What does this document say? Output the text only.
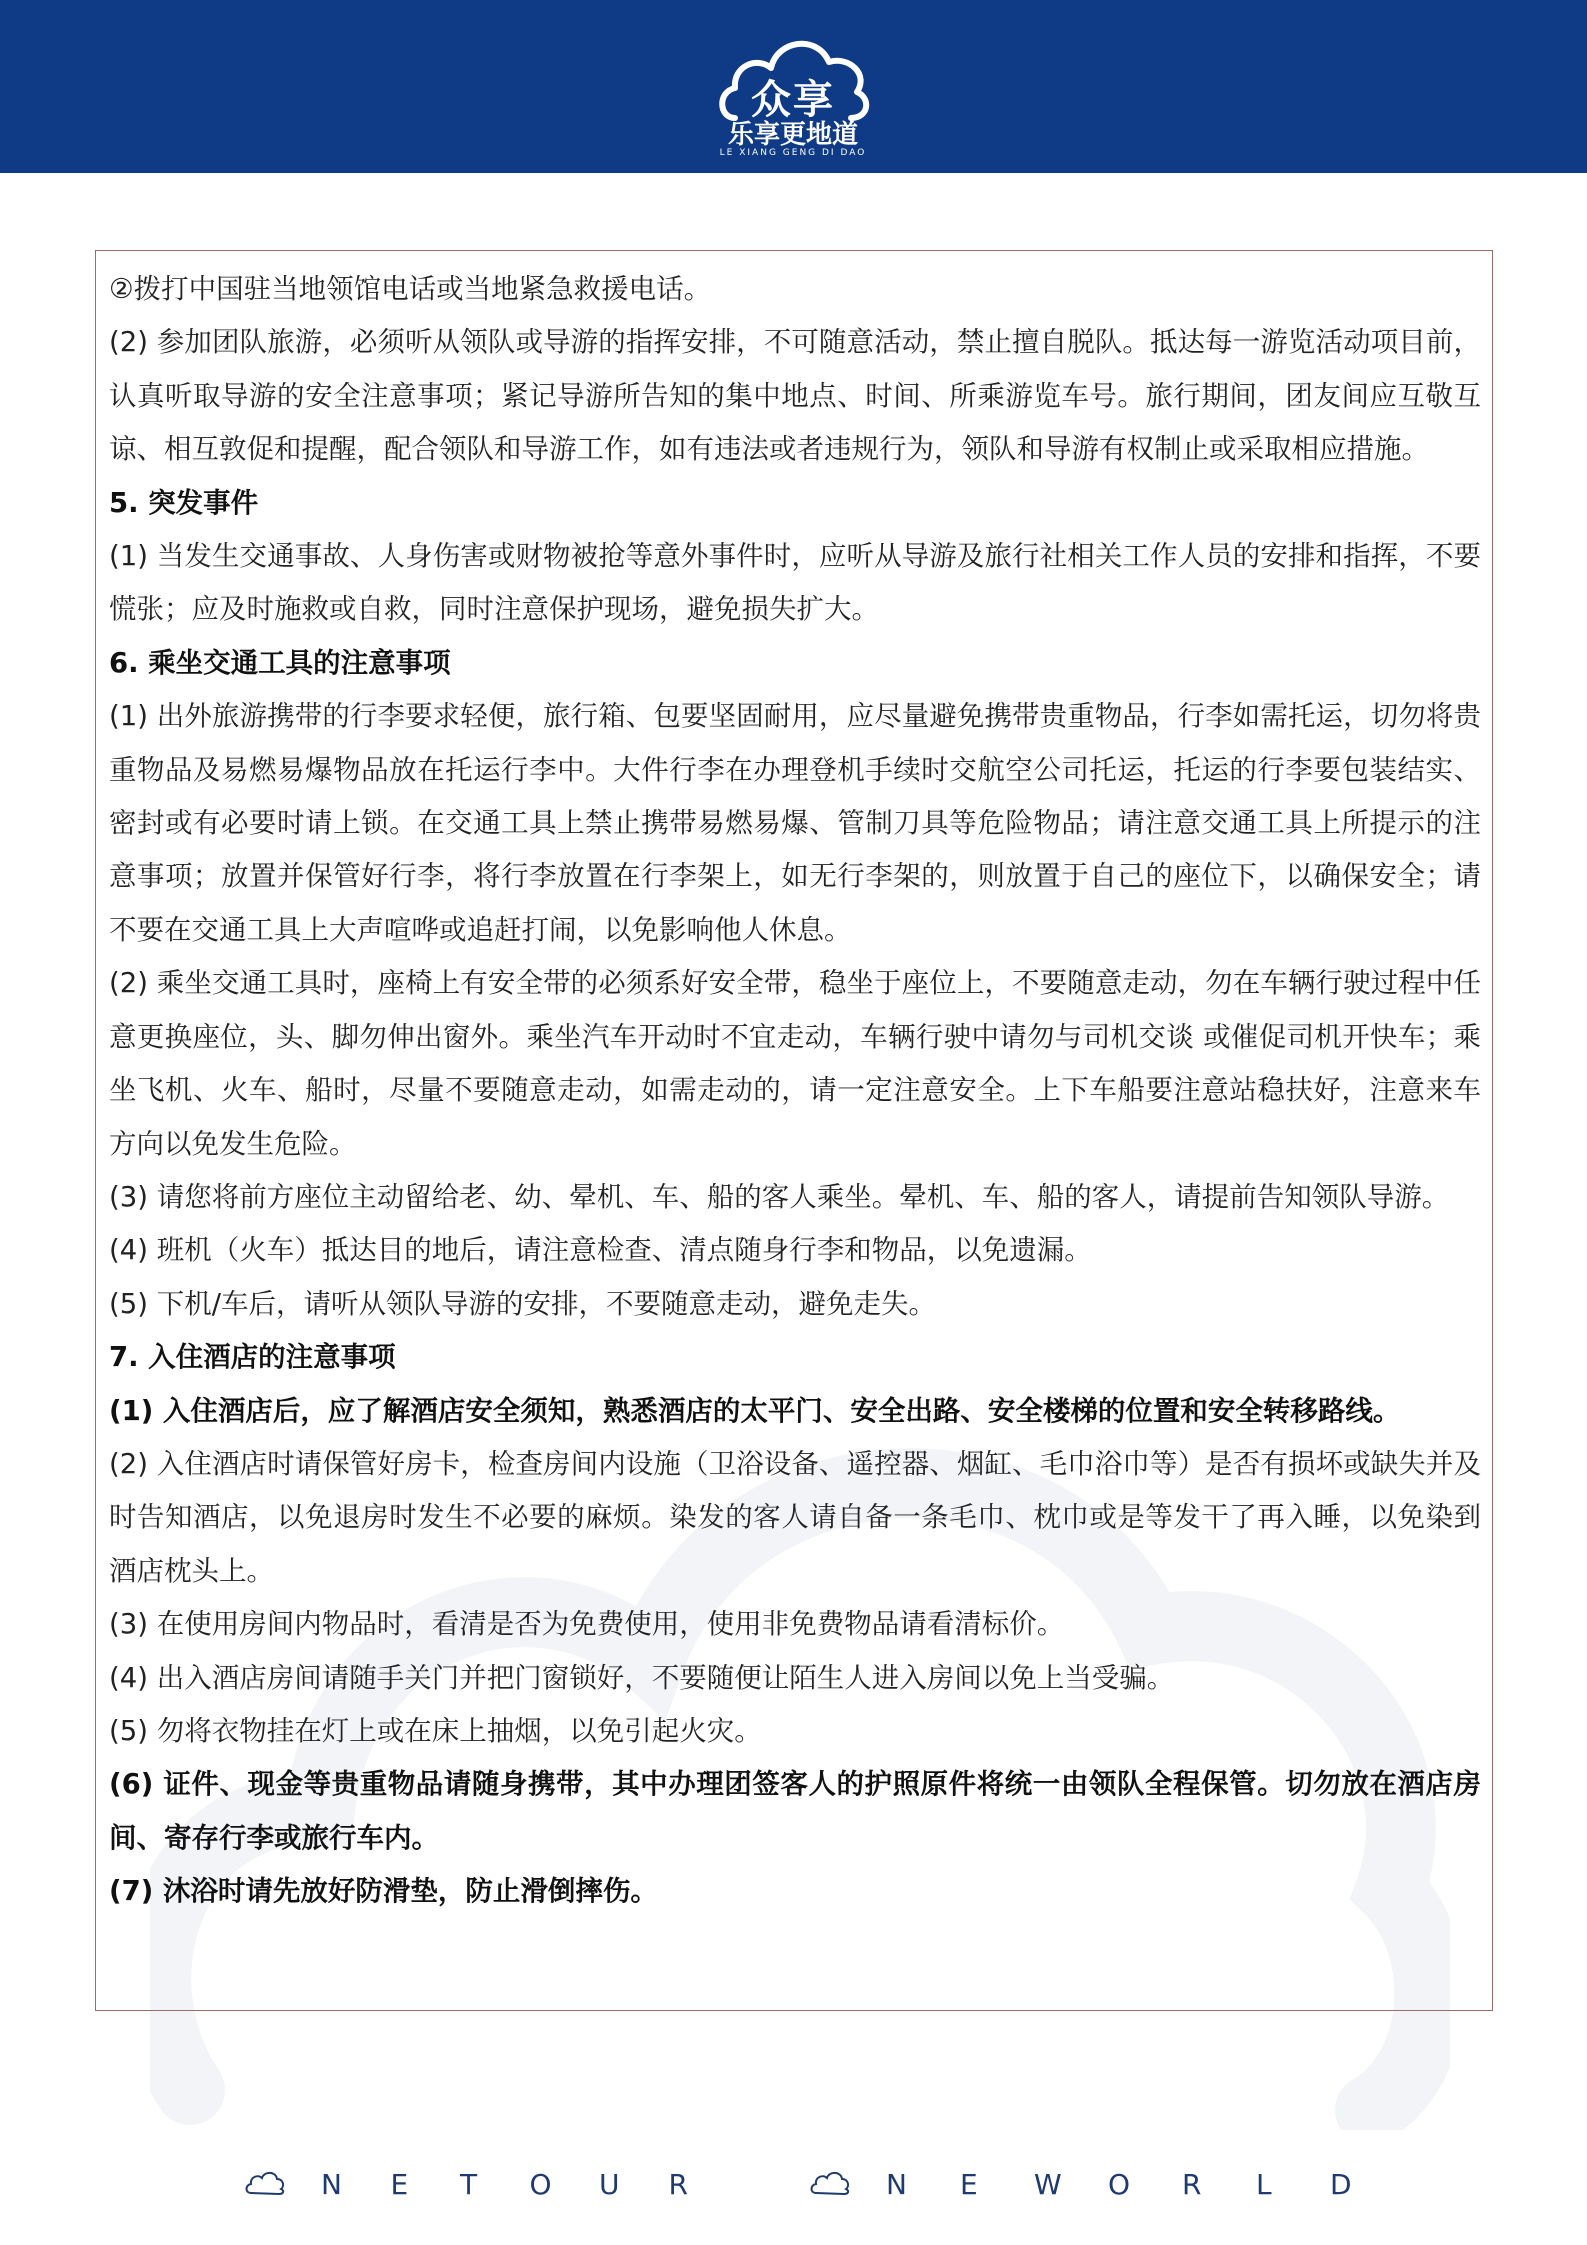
众享
乐享更地道
LE XIANG GENG DI DAO

②拨打中国驻当地领馆电话或当地紧急救援电话。

(2) 参加团队旅游，必须听从领队或导游的指挥安排，不可随意活动，禁止擅自脱队。抵达每一游览活动项目前，认真听取导游的安全注意事项；紧记导游所告知的集中地点、时间、所乘游览车号。旅行期间，团友间应互敬互谅、相互敦促和提醒，配合领队和导游工作，如有违法或者违规行为，领队和导游有权制止或采取相应措施。

5. 突发事件

(1) 当发生交通事故、人身伤害或财物被抢等意外事件时，应听从导游及旅行社相关工作人员的安排和指挥，不要慌张；应及时施救或自救，同时注意保护现场，避免损失扩大。

6. 乘坐交通工具的注意事项

(1) 出外旅游携带的行李要求轻便，旅行箱、包要坚固耐用，应尽量避免携带贵重物品，行李如需托运，切勿将贵重物品及易燃易爆物品放在托运行李中。大件行李在办理登机手续时交航空公司托运，托运的行李要包装结实、密封或有必要时请上锁。在交通工具上禁止携带易燃易爆、管制刀具等危险物品；请注意交通工具上所提示的注意事项；放置并保管好行李，将行李放置在行李架上，如无行李架的，则放置于自己的座位下，以确保安全；请不要在交通工具上大声喧哗或追赶打闹，以免影响他人休息。

(2) 乘坐交通工具时，座椅上有安全带的必须系好安全带，稳坐于座位上，不要随意走动，勿在车辆行驶过程中任意更换座位，头、脚勿伸出窗外。乘坐汽车开动时不宜走动，车辆行驶中请勿与司机交谈 或催促司机开快车；乘坐飞机、火车、船时，尽量不要随意走动，如需走动的，请一定注意安全。上下车船要注意站稳扶好，注意来车方向以免发生危险。

(3) 请您将前方座位主动留给老、幼、晕机、车、船的客人乘坐。晕机、车、船的客人，请提前告知领队导游。

(4) 班机（火车）抵达目的地后，请注意检查、清点随身行李和物品，以免遗漏。

(5) 下机/车后，请听从领队导游的安排，不要随意走动，避免走失。

7. 入住酒店的注意事项

(1) 入住酒店后，应了解酒店安全须知，熟悉酒店的太平门、安全出路、安全楼梯的位置和安全转移路线。

(2) 入住酒店时请保管好房卡，检查房间内设施（卫浴设备、遥控器、烟缸、毛巾浴巾等）是否有损坏或缺失并及时告知酒店，以免退房时发生不必要的麻烦。染发的客人请自备一条毛巾、枕巾或是等发干了再入睡，以免染到酒店枕头上。

(3) 在使用房间内物品时，看清是否为免费使用，使用非免费物品请看清标价。

(4) 出入酒店房间请随手关门并把门窗锁好，不要随便让陌生人进入房间以免上当受骗。

(5) 勿将衣物挂在灯上或在床上抽烟，以免引起火灾。

(6) 证件、现金等贵重物品请随身携带，其中办理团签客人的护照原件将统一由领队全程保管。切勿放在酒店房间、寄存行李或旅行车内。

(7) 沐浴时请先放好防滑垫，防止滑倒摔伤。

N E T O U R	N E W O R L D
